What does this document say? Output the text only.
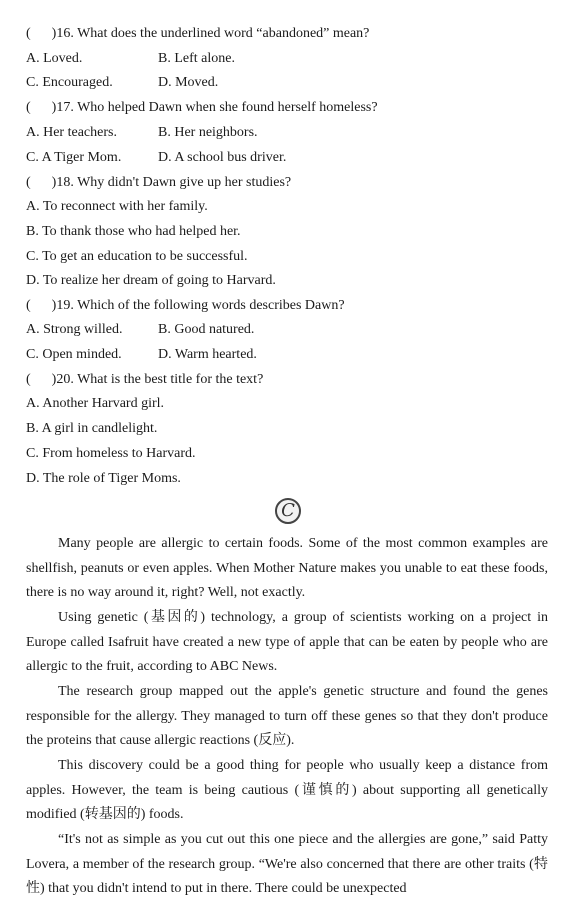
(      )16. What does the underlined word “abandoned” mean?
A. Loved.	B. Left alone.
C. Encouraged.	D. Moved.
(      )17. Who helped Dawn when she found herself homeless?
A. Her teachers.	B. Her neighbors.
C. A Tiger Mom.	D. A school bus driver.
(      )18. Why didn't Dawn give up her studies?
A. To reconnect with her family.
B. To thank those who had helped her.
C. To get an education to be successful.
D. To realize her dream of going to Harvard.
(      )19. Which of the following words describes Dawn?
A. Strong willed.	B. Good natured.
C. Open minded.	D. Warm hearted.
(      )20. What is the best title for the text?
A. Another Harvard girl.
B. A girl in candlelight.
C. From homeless to Harvard.
D. The role of Tiger Moms.
C

Many people are allergic to certain foods. Some of the most common examples are shellfish, peanuts or even apples. When Mother Nature makes you unable to eat these foods, there is no way around it, right? Well, not exactly.

Using genetic (基因的) technology, a group of scientists working on a project in Europe called Isafruit have created a new type of apple that can be eaten by people who are allergic to the fruit, according to ABC News.

The research group mapped out the apple's genetic structure and found the genes responsible for the allergy. They managed to turn off these genes so that they don't produce the proteins that cause allergic reactions (反应).

This discovery could be a good thing for people who usually keep a distance from apples. However, the team is being cautious (谨慎的) about supporting all genetically modified (转基因的) foods.

“It's not as simple as you cut out this one piece and the allergies are gone,” said Patty Lovera, a member of the research group. “We're also concerned that there are other traits (特性) that you didn't intend to put in there. There could be unexpected
